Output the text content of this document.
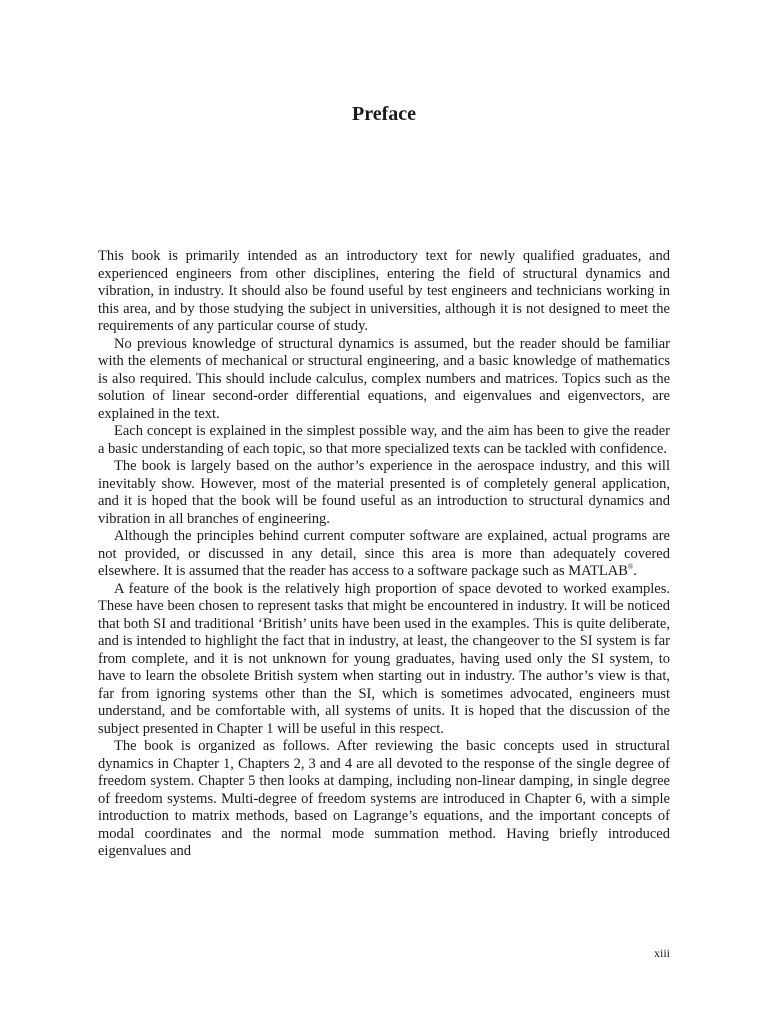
Preface

This book is primarily intended as an introductory text for newly qualified graduates, and experienced engineers from other disciplines, entering the field of structural dynamics and vibration, in industry. It should also be found useful by test engineers and technicians working in this area, and by those studying the subject in universities, although it is not designed to meet the requirements of any particular course of study.

No previous knowledge of structural dynamics is assumed, but the reader should be familiar with the elements of mechanical or structural engineering, and a basic knowledge of mathematics is also required. This should include calculus, complex numbers and matrices. Topics such as the solution of linear second-order differential equations, and eigenvalues and eigenvectors, are explained in the text.

Each concept is explained in the simplest possible way, and the aim has been to give the reader a basic understanding of each topic, so that more specialized texts can be tackled with confidence.

The book is largely based on the author’s experience in the aerospace industry, and this will inevitably show. However, most of the material presented is of completely general application, and it is hoped that the book will be found useful as an introduction to structural dynamics and vibration in all branches of engineering.

Although the principles behind current computer software are explained, actual programs are not provided, or discussed in any detail, since this area is more than adequately covered elsewhere. It is assumed that the reader has access to a software package such as MATLAB®.

A feature of the book is the relatively high proportion of space devoted to worked examples. These have been chosen to represent tasks that might be encountered in industry. It will be noticed that both SI and traditional ‘British’ units have been used in the examples. This is quite deliberate, and is intended to highlight the fact that in industry, at least, the changeover to the SI system is far from complete, and it is not unknown for young graduates, having used only the SI system, to have to learn the obsolete British system when starting out in industry. The author’s view is that, far from ignoring systems other than the SI, which is sometimes advocated, engineers must understand, and be comfortable with, all systems of units. It is hoped that the discussion of the subject presented in Chapter 1 will be useful in this respect.

The book is organized as follows. After reviewing the basic concepts used in structural dynamics in Chapter 1, Chapters 2, 3 and 4 are all devoted to the response of the single degree of freedom system. Chapter 5 then looks at damping, including non-linear damping, in single degree of freedom systems. Multi-degree of freedom systems are introduced in Chapter 6, with a simple introduction to matrix methods, based on Lagrange’s equations, and the important concepts of modal coordinates and the normal mode summation method. Having briefly introduced eigenvalues and

xiii
